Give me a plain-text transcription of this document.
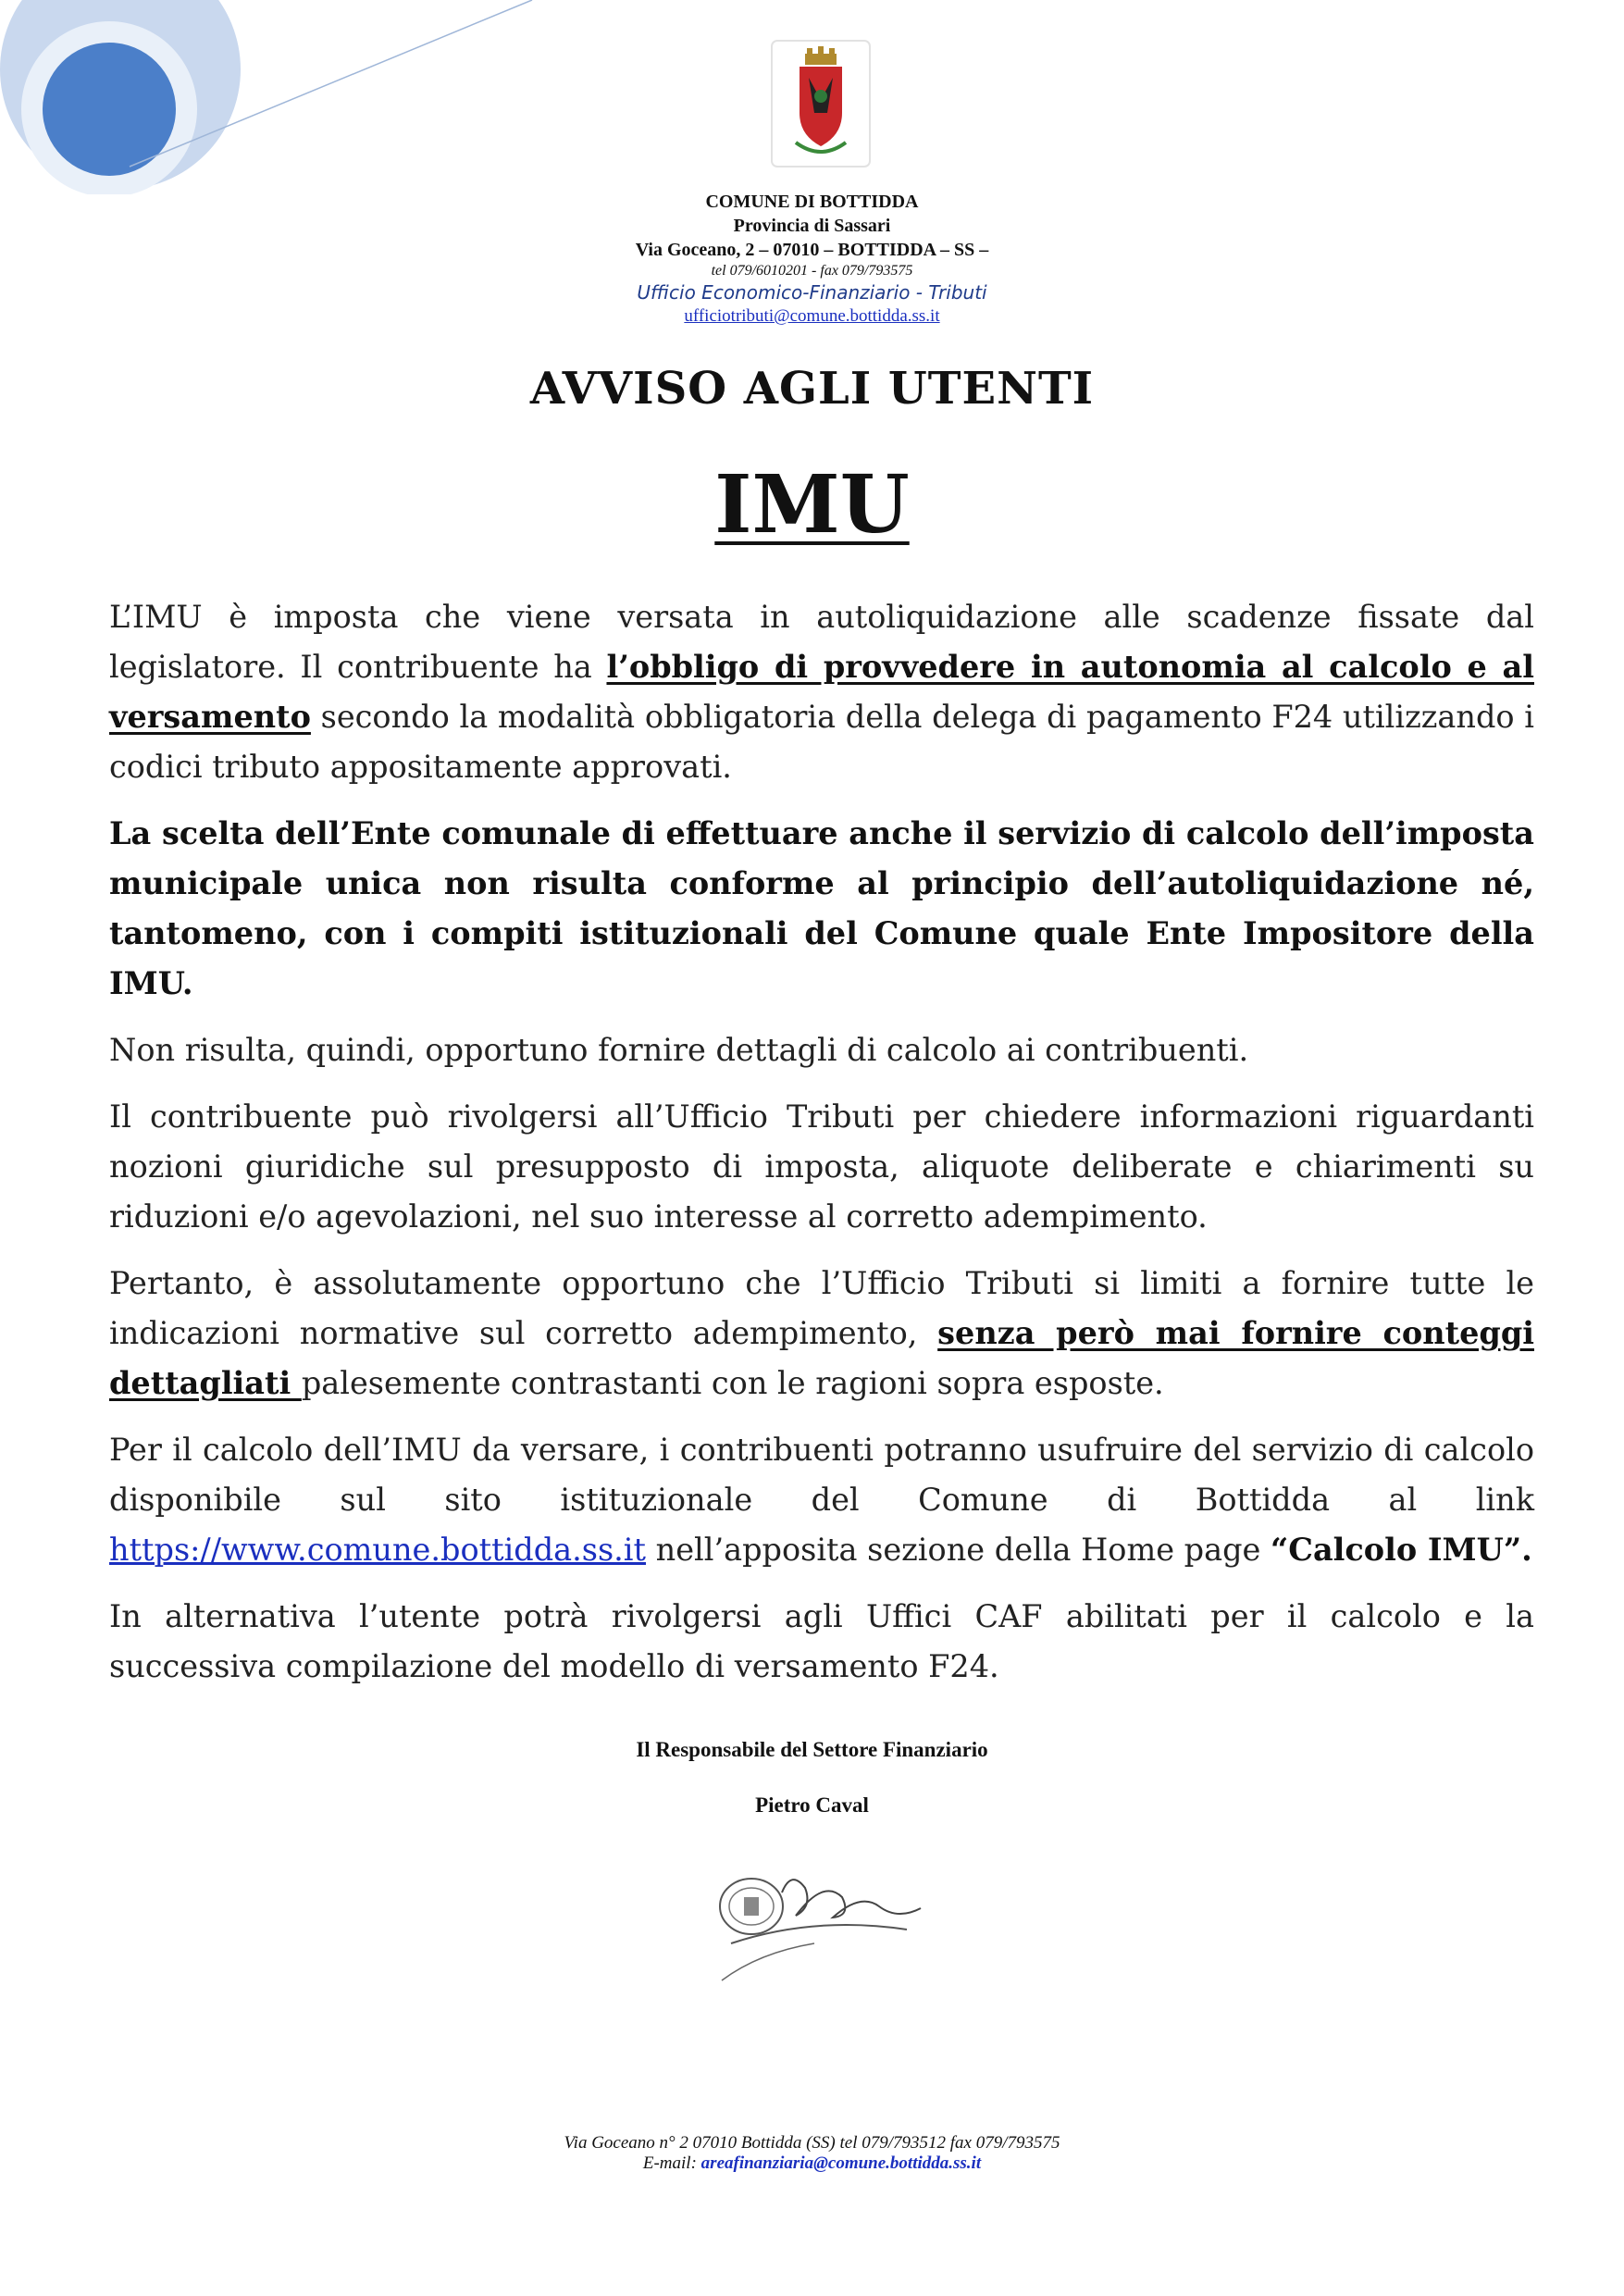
COMUNE DI BOTTIDDA
Provincia di Sassari
Via Goceano, 2 – 07010 – BOTTIDDA – SS –
tel 079/6010201 - fax 079/793575
Ufficio Economico-Finanziario - Tributi
ufficiotributi@comune.bottidda.ss.it
AVVISO AGLI UTENTI
IMU

L’IMU è imposta che viene versata in autoliquidazione alle scadenze fissate dal legislatore. Il contribuente ha l’obbligo di provvedere in autonomia al calcolo e al versamento secondo la modalità obbligatoria della delega di pagamento F24 utilizzando i codici tributo appositamente approvati.

La scelta dell’Ente comunale di effettuare anche il servizio di calcolo dell’imposta municipale unica non risulta conforme al principio dell’autoliquidazione né, tantomeno, con i compiti istituzionali del Comune quale Ente Impositore della IMU.

Non risulta, quindi, opportuno fornire dettagli di calcolo ai contribuenti.

Il contribuente può rivolgersi all’Ufficio Tributi per chiedere informazioni riguardanti nozioni giuridiche sul presupposto di imposta, aliquote deliberate e chiarimenti su riduzioni e/o agevolazioni, nel suo interesse al corretto adempimento.

Pertanto, è assolutamente opportuno che l’Ufficio Tributi si limiti a fornire tutte le indicazioni normative sul corretto adempimento, senza però mai fornire conteggi dettagliati palesemente contrastanti con le ragioni sopra esposte.

Per il calcolo dell’IMU da versare, i contribuenti potranno usufruire del servizio di calcolo disponibile sul sito istituzionale del Comune di Bottidda al link https://www.comune.bottidda.ss.it nell’apposita sezione della Home page “Calcolo IMU”.

In alternativa l’utente potrà rivolgersi agli Uffici CAF abilitati per il calcolo e la successiva compilazione del modello di versamento F24.

Il Responsabile del Settore Finanziario
Pietro Caval
Via Goceano n° 2 07010 Bottidda (SS) tel 079/793512 fax 079/793575
E-mail: areafinanziaria@comune.bottidda.ss.it
